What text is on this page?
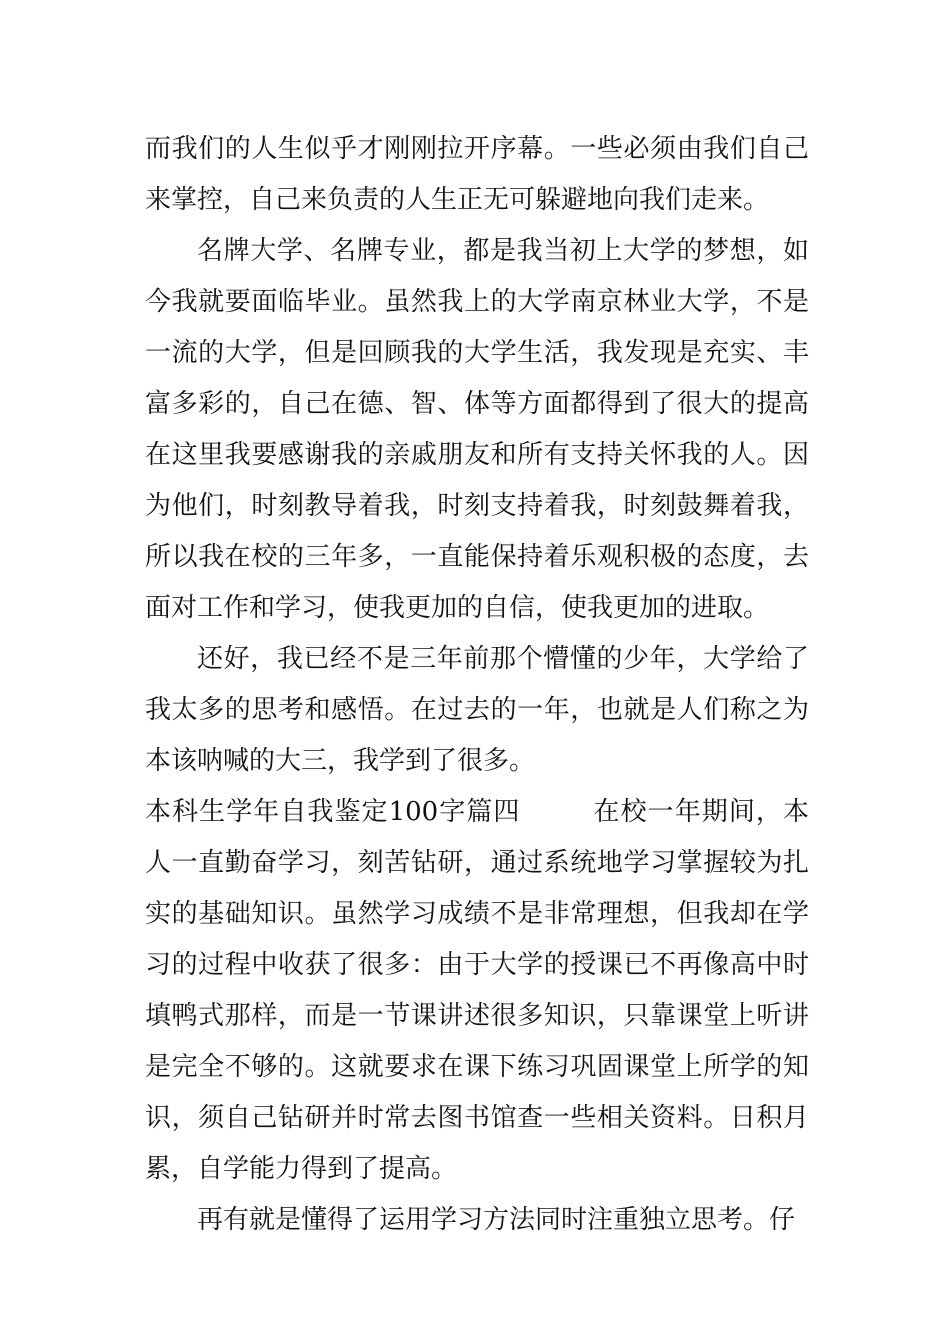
而我们的人生似乎才刚刚拉开序幕。一些必须由我们自己来掌控，自己来负责的人生正无可躲避地向我们走来。

名牌大学、名牌专业，都是我当初上大学的梦想，如今我就要面临毕业。虽然我上的大学南京林业大学，不是一流的大学，但是回顾我的大学生活，我发现是充实、丰富多彩的，自己在德、智、体等方面都得到了很大的提高在这里我要感谢我的亲戚朋友和所有支持关怀我的人。因为他们，时刻教导着我，时刻支持着我，时刻鼓舞着我，所以我在校的三年多，一直能保持着乐观积极的态度，去面对工作和学习，使我更加的自信，使我更加的进取。

还好，我已经不是三年前那个懵懂的少年，大学给了我太多的思考和感悟。在过去的一年，也就是人们称之为本该呐喊的大三，我学到了很多。

本科生学年自我鉴定100字篇四	在校一年期间，本人一直勤奋学习，刻苦钻研，通过系统地学习掌握较为扎实的基础知识。虽然学习成绩不是非常理想，但我却在学习的过程中收获了很多：由于大学的授课已不再像高中时填鸭式那样，而是一节课讲述很多知识，只靠课堂上听讲是完全不够的。这就要求在课下练习巩固课堂上所学的知识，须自己钻研并时常去图书馆查一些相关资料。日积月累，自学能力得到了提高。

再有就是懂得了运用学习方法同时注重独立思考。仔
